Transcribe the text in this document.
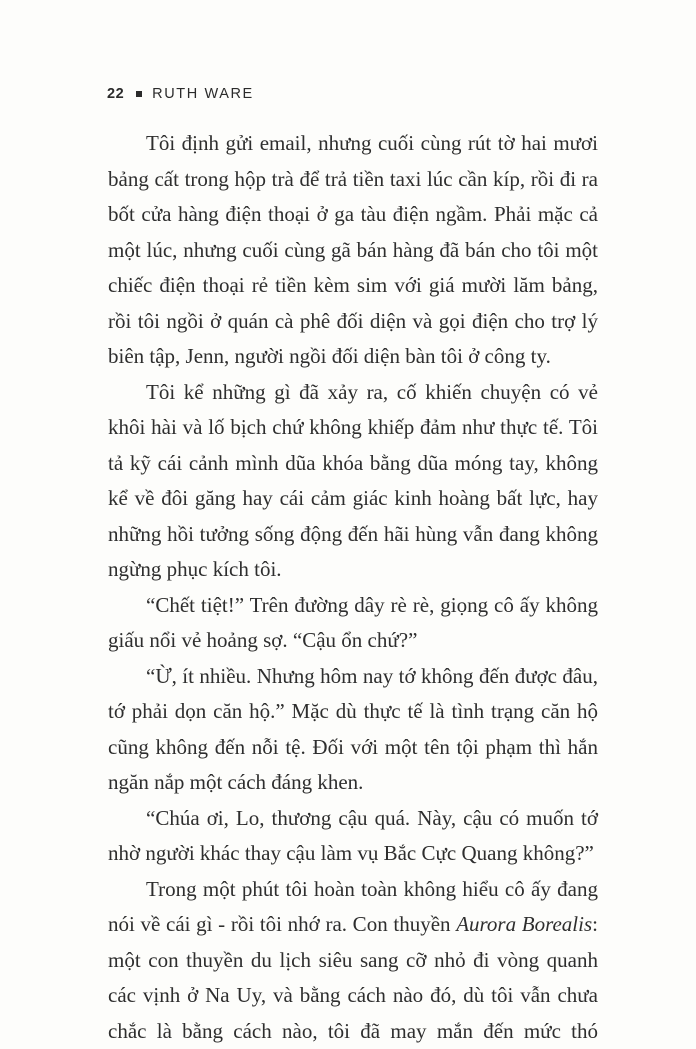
22 RUTH WARE

Tôi định gửi email, nhưng cuối cùng rút tờ hai mươi bảng cất trong hộp trà để trả tiền taxi lúc cần kíp, rồi đi ra bốt cửa hàng điện thoại ở ga tàu điện ngầm. Phải mặc cả một lúc, nhưng cuối cùng gã bán hàng đã bán cho tôi một chiếc điện thoại rẻ tiền kèm sim với giá mười lăm bảng, rồi tôi ngồi ở quán cà phê đối diện và gọi điện cho trợ lý biên tập, Jenn, người ngồi đối diện bàn tôi ở công ty.

Tôi kể những gì đã xảy ra, cố khiến chuyện có vẻ khôi hài và lố bịch chứ không khiếp đảm như thực tế. Tôi tả kỹ cái cảnh mình dũa khóa bằng dũa móng tay, không kể về đôi găng hay cái cảm giác kinh hoàng bất lực, hay những hồi tưởng sống động đến hãi hùng vẫn đang không ngừng phục kích tôi.

“Chết tiệt!” Trên đường dây rè rè, giọng cô ấy không giấu nổi vẻ hoảng sợ. “Cậu ổn chứ?”

“Ừ, ít nhiều. Nhưng hôm nay tớ không đến được đâu, tớ phải dọn căn hộ.” Mặc dù thực tế là tình trạng căn hộ cũng không đến nỗi tệ. Đối với một tên tội phạm thì hắn ngăn nắp một cách đáng khen.

“Chúa ơi, Lo, thương cậu quá. Này, cậu có muốn tớ nhờ người khác thay cậu làm vụ Bắc Cực Quang không?”

Trong một phút tôi hoàn toàn không hiểu cô ấy đang nói về cái gì - rồi tôi nhớ ra. Con thuyền Aurora Borealis: một con thuyền du lịch siêu sang cỡ nhỏ đi vòng quanh các vịnh ở Na Uy, và bằng cách nào đó, dù tôi vẫn chưa chắc là bằng cách nào, tôi đã may mắn đến mức thó
